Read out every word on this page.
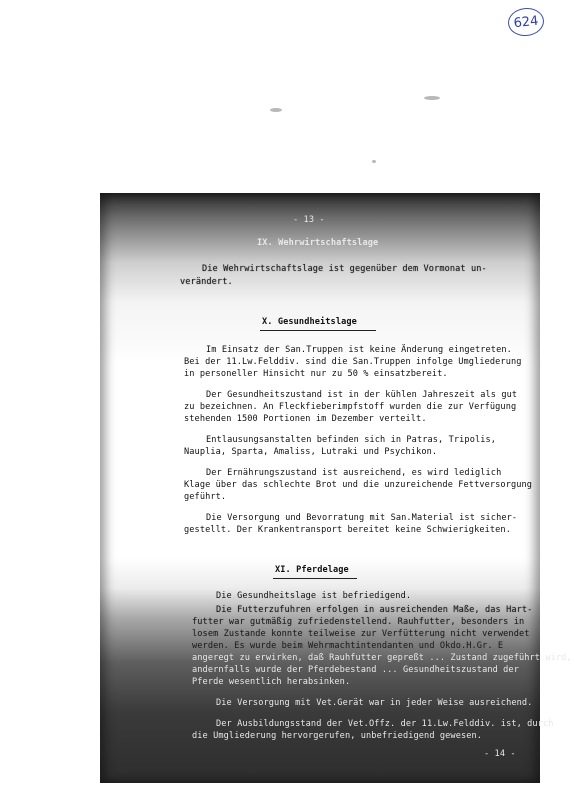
624
- 13 -
IX. Wehrwirtschaftslage
Die Wehrwirtschaftslage ist gegenüber dem Vormonat un-
verändert.
X. Gesundheitslage
Im Einsatz der San.Truppen ist keine Änderung eingetreten.
Bei der 11.Lw.Felddiv. sind die San.Truppen infolge Umgliederung
in personeller Hinsicht nur zu 50 % einsatzbereit.
Der Gesundheitszustand ist in der kühlen Jahreszeit als gut
zu bezeichnen. An Fleckfieberimpfstoff wurden die zur Verfügung
stehenden 1500 Portionen im Dezember verteilt.
Entlausungsanstalten befinden sich in Patras, Tripolis,
Nauplia, Sparta, Amaliss, Lutraki und Psychikon.
Der Ernährungszustand ist ausreichend, es wird lediglich
Klage über das schlechte Brot und die unzureichende Fettversorgung
geführt.
Die Versorgung und Bevorratung mit San.Material ist sicher-
gestellt. Der Krankentransport bereitet keine Schwierigkeiten.
XI. Pferdelage
Die Gesundheitslage ist befriedigend.
Die Futterzufuhren erfolgen in ausreichenden Maße, das Hart-
futter war gutmäßig zufriedenstellend. Rauhfutter, besonders in
losem Zustande konnte teilweise zur Verfütterung nicht verwendet
werden. Es wurde beim Wehrmachtintendanten und Okdo.H.Gr. E
angeregt zu erwirken, daß Rauhfutter gepreßt ... Zustand zugeführt wird,
andernfalls wurde der Pferdebestand ... Gesundheitszustand der
Pferde wesentlich herabsinken.
Die Versorgung mit Vet.Gerät war in jeder Weise ausreichend.
Der Ausbildungsstand der Vet.Offz. der 11.Lw.Felddiv. ist, durch
die Umgliederung hervorgerufen, unbefriedigend gewesen.
- 14 -
